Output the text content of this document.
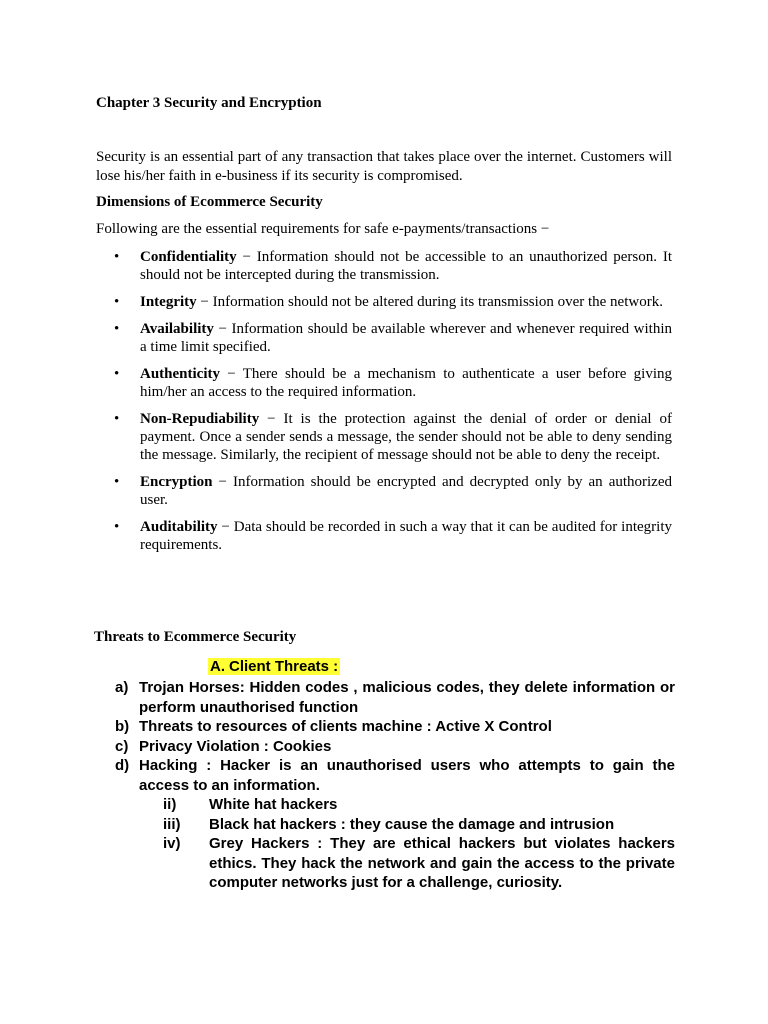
Chapter 3 Security and Encryption
Security is an essential part of any transaction that takes place over the internet. Customers will lose his/her faith in e-business if its security is compromised.
Dimensions of Ecommerce Security
Following are the essential requirements for safe e-payments/transactions −
• Confidentiality − Information should not be accessible to an unauthorized person. It should not be intercepted during the transmission.
• Integrity − Information should not be altered during its transmission over the network.
• Availability − Information should be available wherever and whenever required within a time limit specified.
• Authenticity − There should be a mechanism to authenticate a user before giving him/her an access to the required information.
• Non-Repudiability − It is the protection against the denial of order or denial of payment. Once a sender sends a message, the sender should not be able to deny sending the message. Similarly, the recipient of message should not be able to deny the receipt.
• Encryption − Information should be encrypted and decrypted only by an authorized user.
• Auditability − Data should be recorded in such a way that it can be audited for integrity requirements.
Threats to Ecommerce Security
A. Client Threats :
a) Trojan Horses: Hidden codes , malicious codes, they delete information or perform unauthorised function
b) Threats to resources of clients machine : Active X Control
c) Privacy Violation : Cookies
d) Hacking : Hacker is an unauthorised users who attempts to gain the access to an information.
ii) White hat hackers
iii) Black hat hackers : they cause the damage and intrusion
iv) Grey Hackers : They are ethical hackers but violates hackers ethics. They hack the network and gain the access to the private computer networks just for a challenge, curiosity.
